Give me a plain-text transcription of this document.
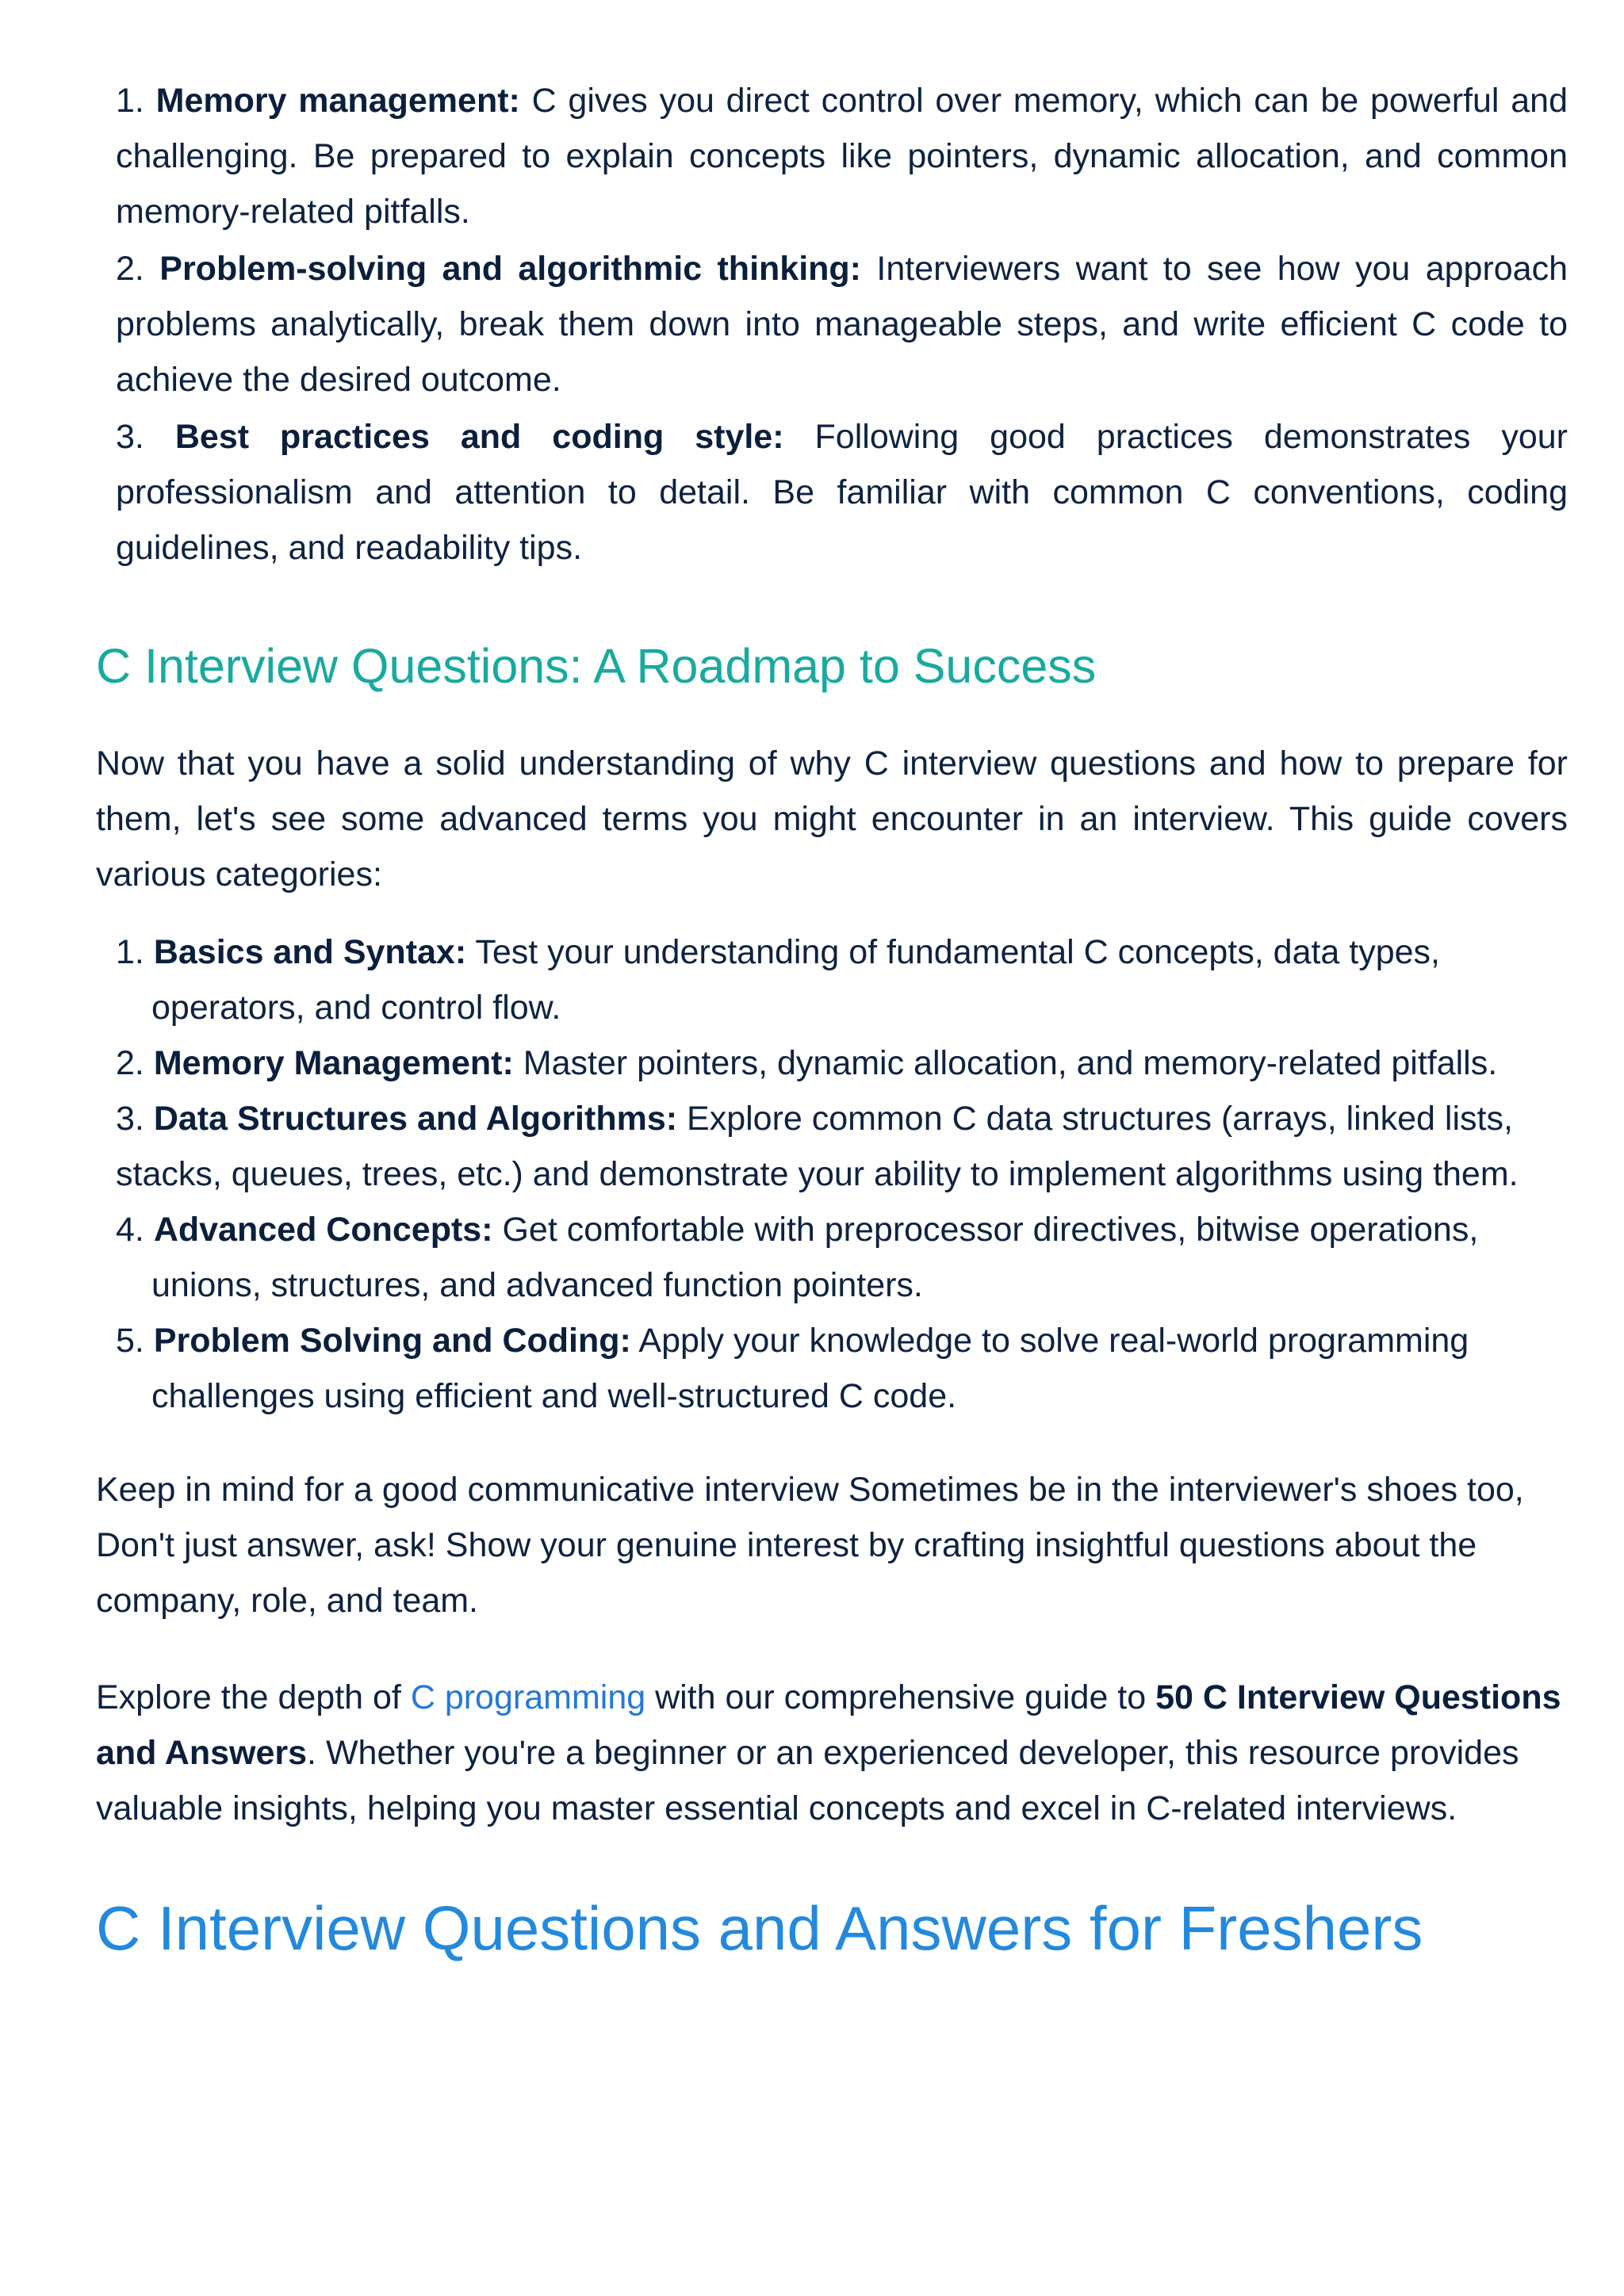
1. Memory management: C gives you direct control over memory, which can be powerful and challenging. Be prepared to explain concepts like pointers, dynamic allocation, and common memory-related pitfalls.
2. Problem-solving and algorithmic thinking: Interviewers want to see how you approach problems analytically, break them down into manageable steps, and write efficient C code to achieve the desired outcome.
3. Best practices and coding style: Following good practices demonstrates your professionalism and attention to detail. Be familiar with common C conventions, coding guidelines, and readability tips.
C Interview Questions: A Roadmap to Success

Now that you have a solid understanding of why C interview questions and how to prepare for them, let's see some advanced terms you might encounter in an interview. This guide covers various categories:

1. Basics and Syntax: Test your understanding of fundamental C concepts, data types, operators, and control flow.
2. Memory Management: Master pointers, dynamic allocation, and memory-related pitfalls.
3. Data Structures and Algorithms: Explore common C data structures (arrays, linked lists, stacks, queues, trees, etc.) and demonstrate your ability to implement algorithms using them.
4. Advanced Concepts: Get comfortable with preprocessor directives, bitwise operations, unions, structures, and advanced function pointers.
5. Problem Solving and Coding: Apply your knowledge to solve real-world programming challenges using efficient and well-structured C code.

Keep in mind for a good communicative interview Sometimes be in the interviewer's shoes too, Don't just answer, ask! Show your genuine interest by crafting insightful questions about the company, role, and team.

Explore the depth of C programming with our comprehensive guide to 50 C Interview Questions and Answers. Whether you're a beginner or an experienced developer, this resource provides valuable insights, helping you master essential concepts and excel in C-related interviews.

C Interview Questions and Answers for Freshers
